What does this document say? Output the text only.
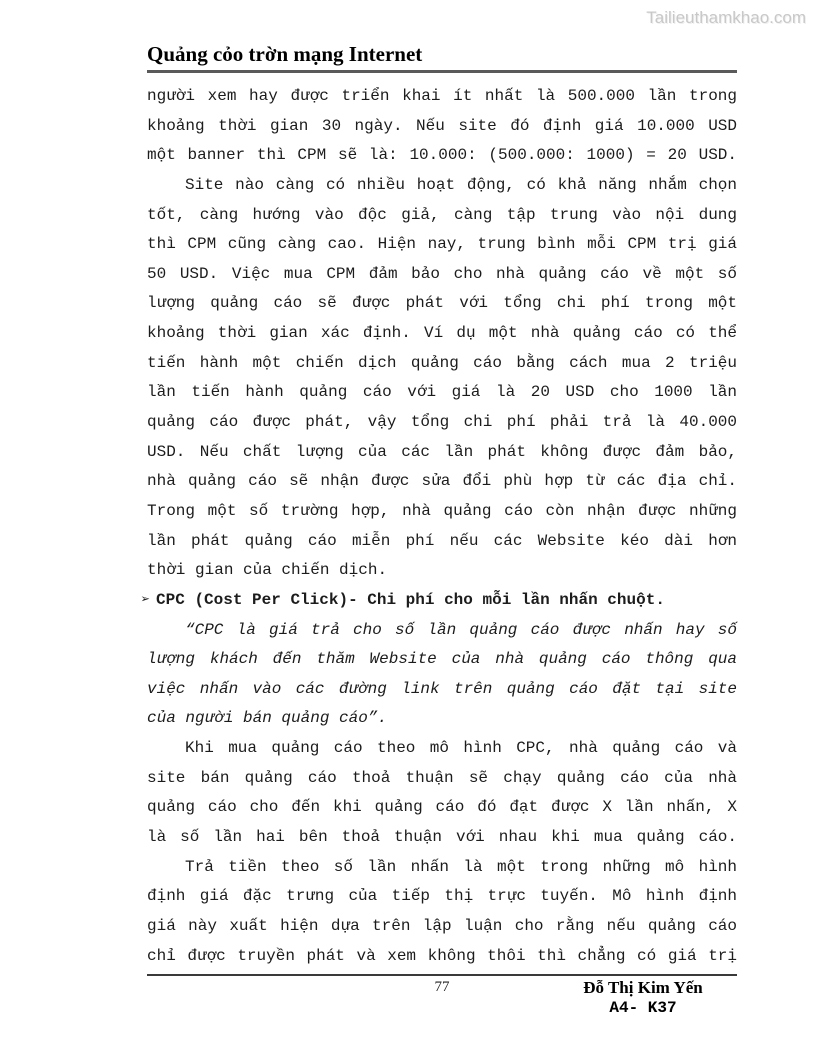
Tailieuthamkhao.com
Quảng cỏo trờn mạng Internet
người xem hay được triển khai ít nhất là 500.000 lần trong
khoảng thời gian 30 ngày. Nếu site đó định giá 10.000 USD
một banner thì CPM sẽ là: 10.000: (500.000: 1000) = 20 USD.
Site nào càng có nhiều hoạt động, có khả năng nhắm chọn
tốt, càng hướng vào độc giả, càng tập trung vào nội dung
thì CPM cũng càng cao. Hiện nay, trung bình mỗi CPM trị giá
50 USD. Việc mua CPM đảm bảo cho nhà quảng cáo về một số
lượng quảng cáo sẽ được phát với tổng chi phí trong một
khoảng thời gian xác định. Ví dụ một nhà quảng cáo có thể
tiến hành một chiến dịch quảng cáo bằng cách mua 2 triệu
lần tiến hành quảng cáo với giá là 20 USD cho 1000 lần
quảng cáo được phát, vậy tổng chi phí phải trả là 40.000
USD. Nếu chất lượng của các lần phát không được đảm bảo,
nhà quảng cáo sẽ nhận được sửa đổi phù hợp từ các địa chỉ.
Trong một số trường hợp, nhà quảng cáo còn nhận được những
lần phát quảng cáo miễn phí nếu các Website kéo dài hơn
thời gian của chiến dịch.
➢ CPC (Cost Per Click)- Chi phí cho mỗi lần nhấn chuột.
“CPC là giá trả cho số lần quảng cáo được nhấn hay số
lượng khách đến thăm Website của nhà quảng cáo thông qua
việc nhấn vào các đường link trên quảng cáo đặt tại site
của người bán quảng cáo”.
Khi mua quảng cáo theo mô hình CPC, nhà quảng cáo và
site bán quảng cáo thoả thuận sẽ chạy quảng cáo của nhà
quảng cáo cho đến khi quảng cáo đó đạt được X lần nhấn, X
là số lần hai bên thoả thuận với nhau khi mua quảng cáo.
Trả tiền theo số lần nhấn là một trong những mô hình
định giá đặc trưng của tiếp thị trực tuyến. Mô hình định
giá này xuất hiện dựa trên lập luận cho rằng nếu quảng cáo
chỉ được truyền phát và xem không thôi thì chẳng có giá trị
77	Đỗ Thị Kim Yến
A4- K37
